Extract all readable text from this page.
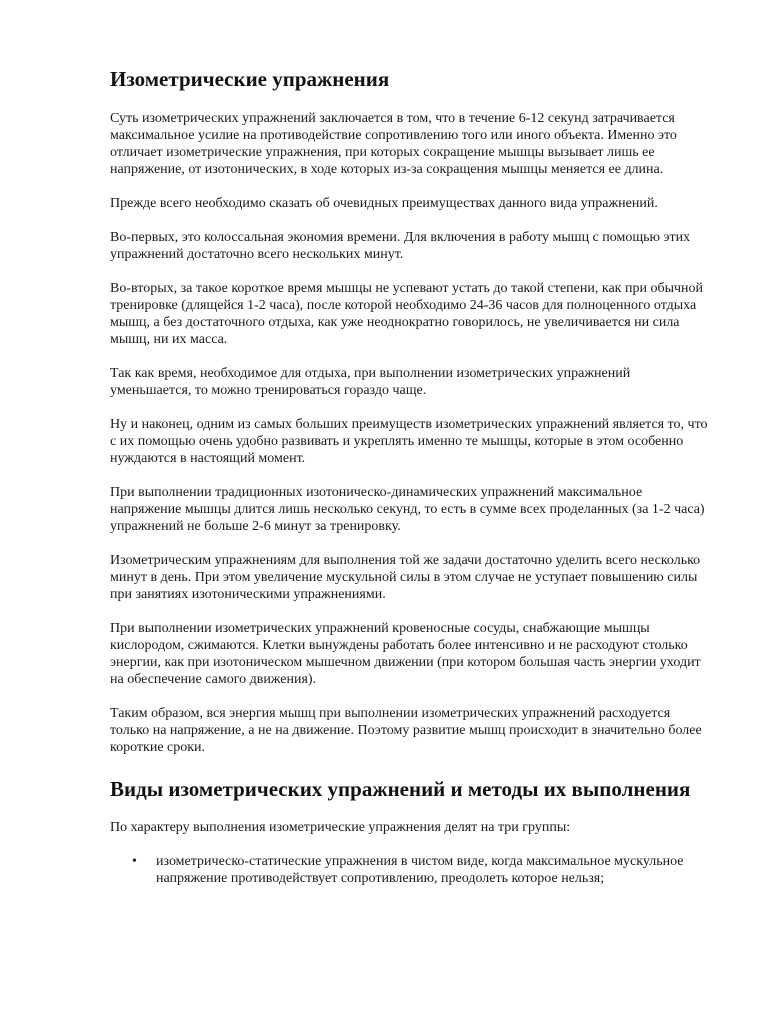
Изометрические упражнения

Суть изометрических упражнений заключается в том, что в течение 6-12 секунд затрачивается максимальное усилие на противодействие сопротивлению того или иного объекта. Именно это отличает изометрические упражнения, при которых сокращение мышцы вызывает лишь ее напряжение, от изотонических, в ходе которых из-за сокращения мышцы меняется ее длина.

Прежде всего необходимо сказать об очевидных преимуществах данного вида упражнений.

Во-первых, это колоссальная экономия времени. Для включения в работу мышц с помощью этих упражнений достаточно всего нескольких минут.

Во-вторых, за такое короткое время мышцы не успевают устать до такой степени, как при обычной тренировке (длящейся 1-2 часа), после которой необходимо 24-36 часов для полноценного отдыха мышц, а без достаточного отдыха, как уже неоднократно говорилось, не увеличивается ни сила мышц, ни их масса.

Так как время, необходимое для отдыха, при выполнении изометрических упражнений уменьшается, то можно тренироваться гораздо чаще.

Ну и наконец, одним из самых больших преимуществ изометрических упражнений является то, что с их помощью очень удобно развивать и укреплять именно те мышцы, которые в этом особенно нуждаются в настоящий момент.

При выполнении традиционных изотоническо-динамических упражнений максимальное напряжение мышцы длится лишь несколько секунд, то есть в сумме всех проделанных (за 1-2 часа) упражнений не больше 2-6 минут за тренировку.

Изометрическим упражнениям для выполнения той же задачи достаточно уделить всего несколько минут в день. При этом увеличение мускульной силы в этом случае не уступает повышению силы при занятиях изотоническими упражнениями.

При выполнении изометрических упражнений кровеносные сосуды, снабжающие мышцы кислородом, сжимаются. Клетки вынуждены работать более интенсивно и не расходуют столько энергии, как при изотоническом мышечном движении (при котором большая часть энергии уходит на обеспечение самого движения).

Таким образом, вся энергия мышц при выполнении изометрических упражнений расходуется только на напряжение, а не на движение. Поэтому развитие мышц происходит в значительно более короткие сроки.

Виды изометрических упражнений и методы их выполнения

По характеру выполнения изометрические упражнения делят на три группы:

• изометрическо-статические упражнения в чистом виде, когда максимальное мускульное напряжение противодействует сопротивлению, преодолеть которое нельзя;
